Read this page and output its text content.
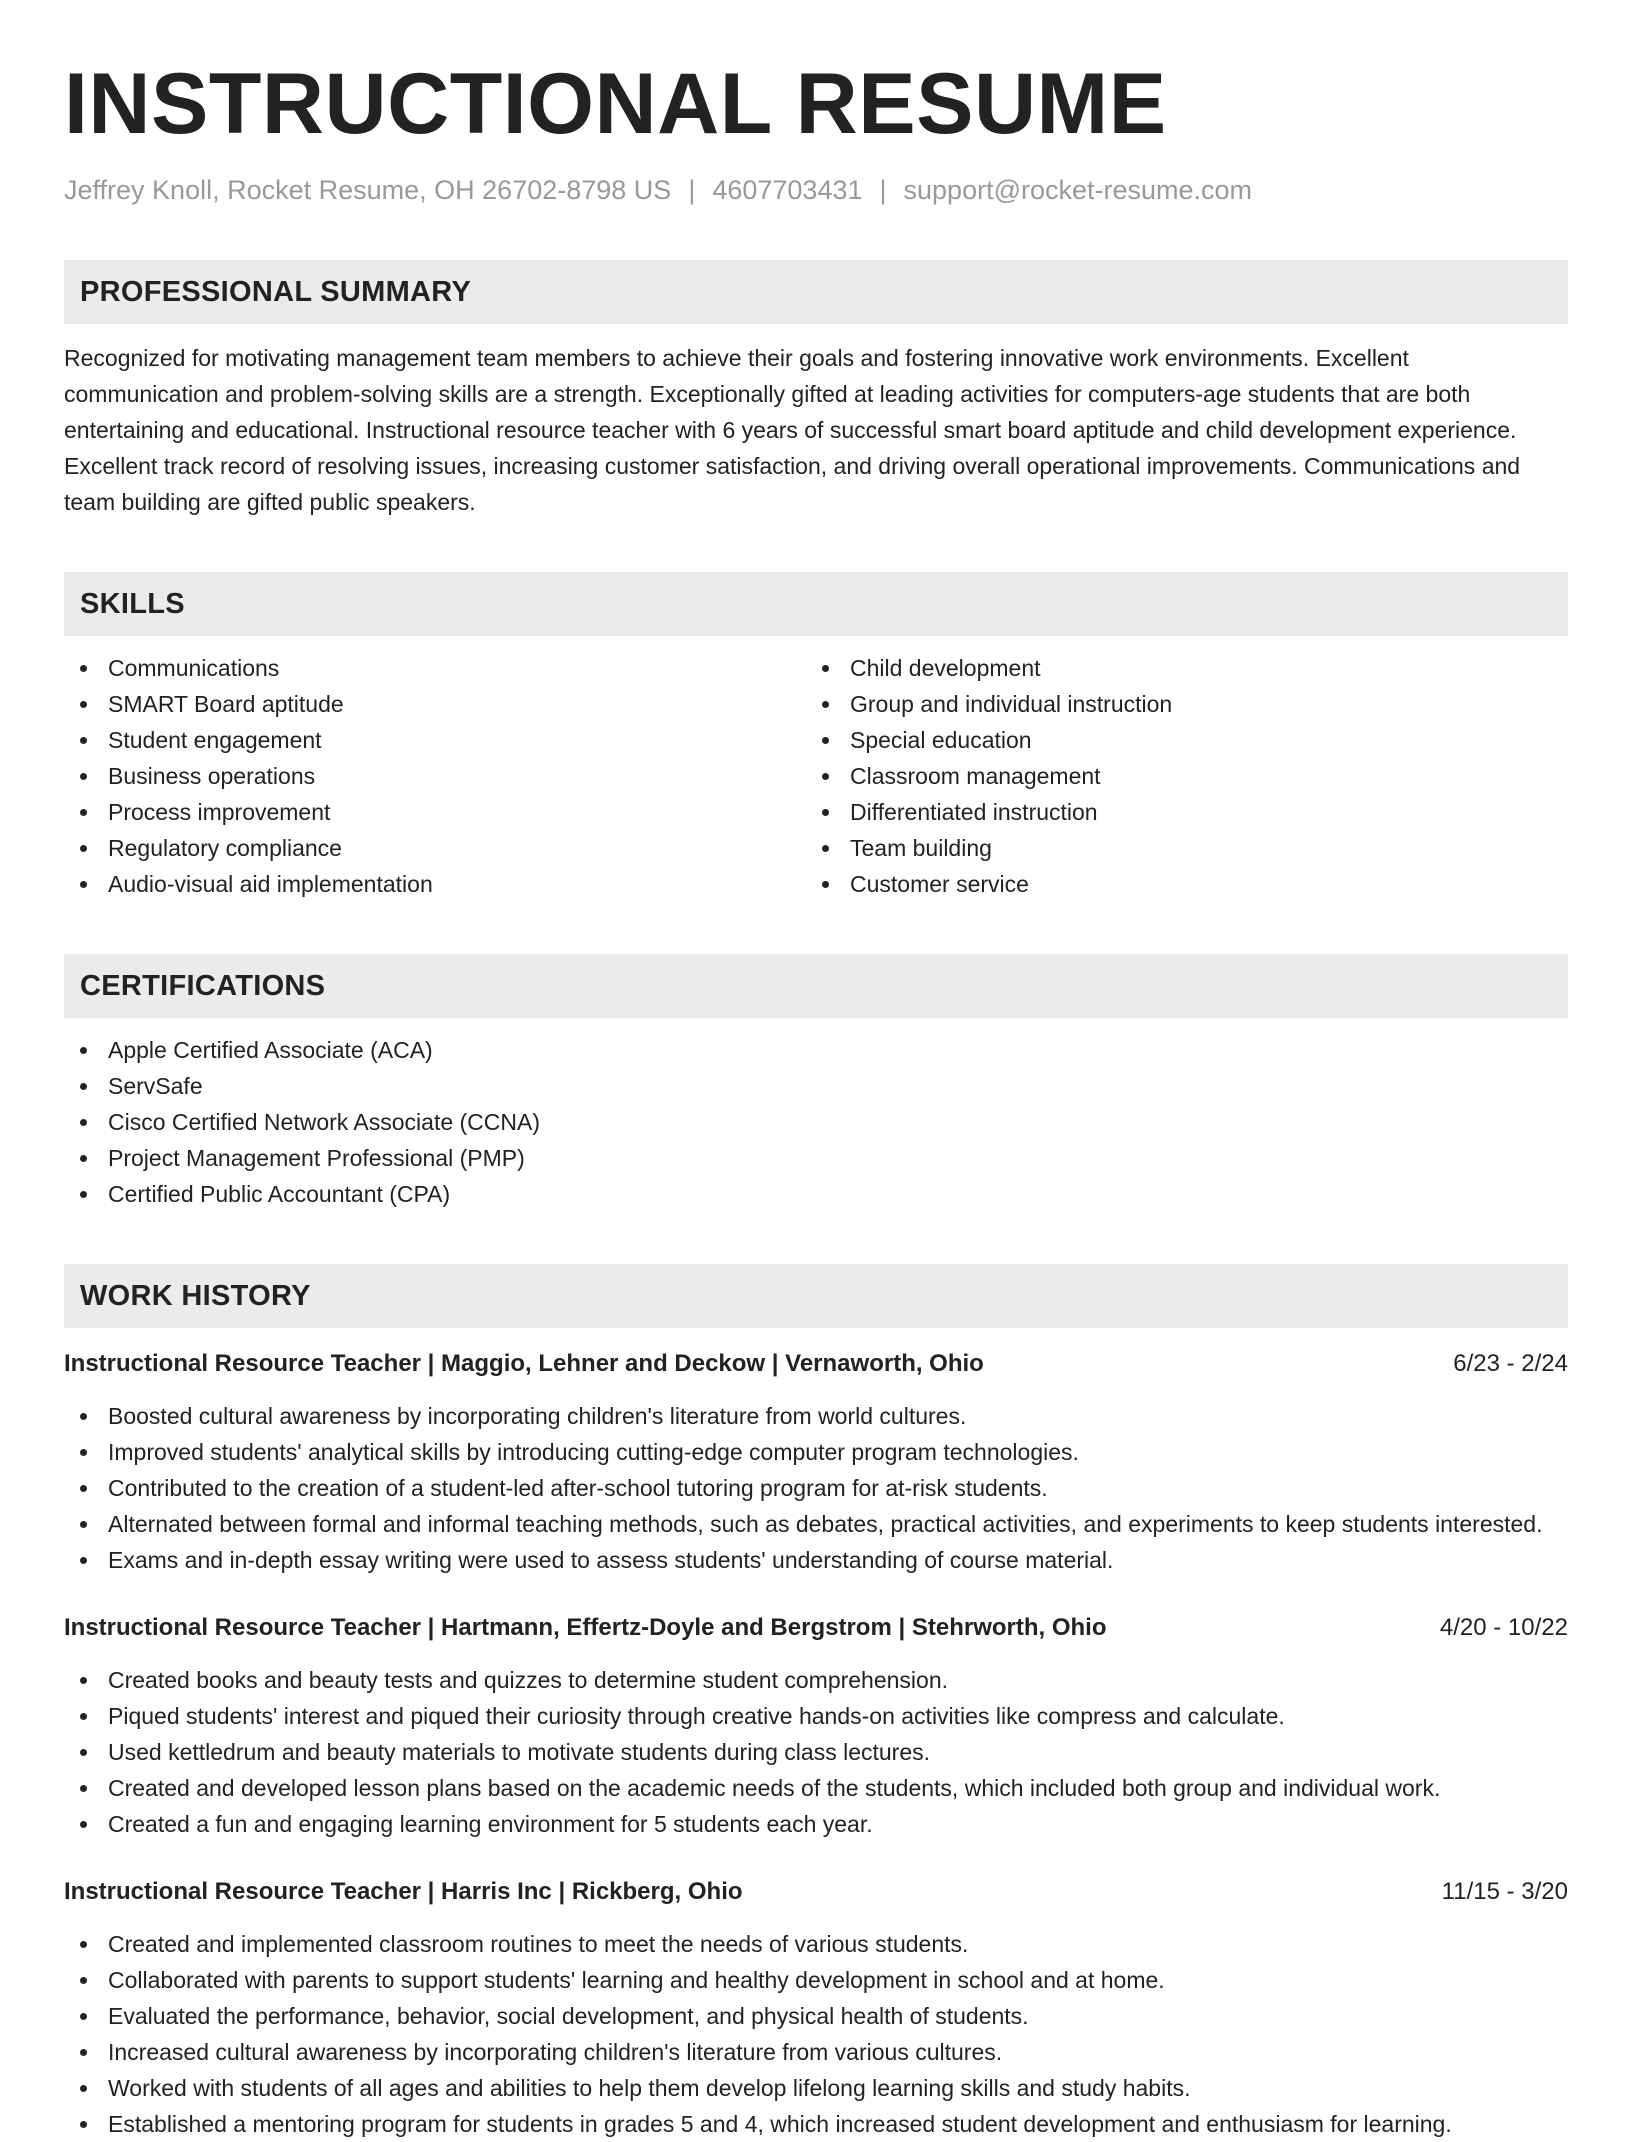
INSTRUCTIONAL RESUME
Jeffrey Knoll, Rocket Resume, OH 26702-8798 US | 4607703431 | support@rocket-resume.com
PROFESSIONAL SUMMARY
Recognized for motivating management team members to achieve their goals and fostering innovative work environments. Excellent communication and problem-solving skills are a strength. Exceptionally gifted at leading activities for computers-age students that are both entertaining and educational. Instructional resource teacher with 6 years of successful smart board aptitude and child development experience. Excellent track record of resolving issues, increasing customer satisfaction, and driving overall operational improvements. Communications and team building are gifted public speakers.
SKILLS
Communications
SMART Board aptitude
Student engagement
Business operations
Process improvement
Regulatory compliance
Audio-visual aid implementation
Child development
Group and individual instruction
Special education
Classroom management
Differentiated instruction
Team building
Customer service
CERTIFICATIONS
Apple Certified Associate (ACA)
ServSafe
Cisco Certified Network Associate (CCNA)
Project Management Professional (PMP)
Certified Public Accountant (CPA)
WORK HISTORY
Instructional Resource Teacher | Maggio, Lehner and Deckow | Vernaworth, Ohio	6/23 - 2/24
Boosted cultural awareness by incorporating children's literature from world cultures.
Improved students' analytical skills by introducing cutting-edge computer program technologies.
Contributed to the creation of a student-led after-school tutoring program for at-risk students.
Alternated between formal and informal teaching methods, such as debates, practical activities, and experiments to keep students interested.
Exams and in-depth essay writing were used to assess students' understanding of course material.
Instructional Resource Teacher | Hartmann, Effertz-Doyle and Bergstrom | Stehrworth, Ohio	4/20 - 10/22
Created books and beauty tests and quizzes to determine student comprehension.
Piqued students' interest and piqued their curiosity through creative hands-on activities like compress and calculate.
Used kettledrum and beauty materials to motivate students during class lectures.
Created and developed lesson plans based on the academic needs of the students, which included both group and individual work.
Created a fun and engaging learning environment for 5 students each year.
Instructional Resource Teacher | Harris Inc | Rickberg, Ohio	11/15 - 3/20
Created and implemented classroom routines to meet the needs of various students.
Collaborated with parents to support students' learning and healthy development in school and at home.
Evaluated the performance, behavior, social development, and physical health of students.
Increased cultural awareness by incorporating children's literature from various cultures.
Worked with students of all ages and abilities to help them develop lifelong learning skills and study habits.
Established a mentoring program for students in grades 5 and 4, which increased student development and enthusiasm for learning.
